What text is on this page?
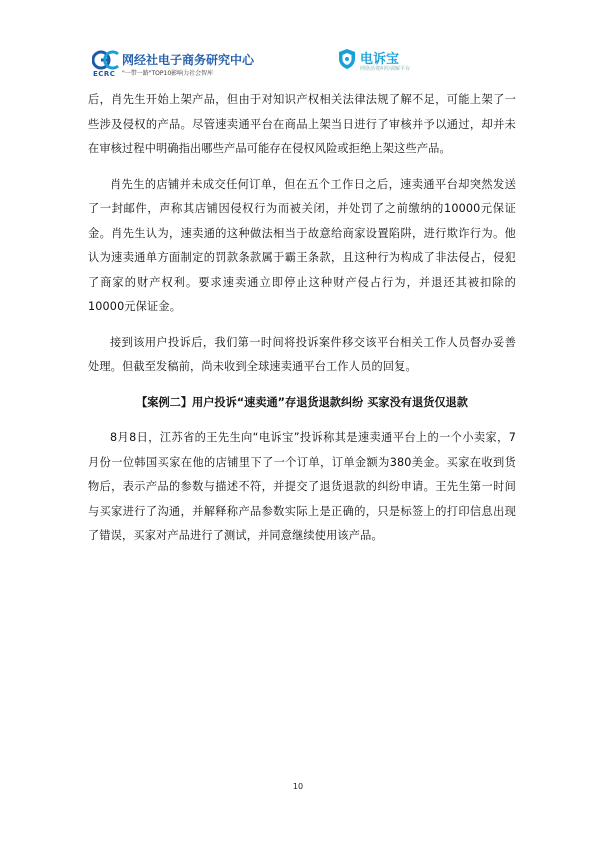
ECRC
网经社电子商务研究中心
"一带一路"TOP10影响力社会智库
电诉宝
网络消费纠纷调解平台

后，肖先生开始上架产品，但由于对知识产权相关法律法规了解不足，可能上架了一些涉及侵权的产品。尽管速卖通平台在商品上架当日进行了审核并予以通过，却并未在审核过程中明确指出哪些产品可能存在侵权风险或拒绝上架这些产品。

肖先生的店铺并未成交任何订单，但在五个工作日之后，速卖通平台却突然发送了一封邮件，声称其店铺因侵权行为而被关闭，并处罚了之前缴纳的10000元保证金。肖先生认为，速卖通的这种做法相当于故意给商家设置陷阱，进行欺诈行为。他认为速卖通单方面制定的罚款条款属于霸王条款，且这种行为构成了非法侵占，侵犯了商家的财产权利。要求速卖通立即停止这种财产侵占行为，并退还其被扣除的10000元保证金。

接到该用户投诉后，我们第一时间将投诉案件移交该平台相关工作人员督办妥善处理。但截至发稿前，尚未收到全球速卖通平台工作人员的回复。

【案例二】用户投诉“速卖通”存退货退款纠纷 买家没有退货仅退款

8月8日，江苏省的王先生向“电诉宝”投诉称其是速卖通平台上的一个小卖家，7月份一位韩国买家在他的店铺里下了一个订单，订单金额为380美金。买家在收到货物后，表示产品的参数与描述不符，并提交了退货退款的纠纷申请。王先生第一时间与买家进行了沟通，并解释称产品参数实际上是正确的，只是标签上的打印信息出现了错误，买家对产品进行了测试，并同意继续使用该产品。

10
